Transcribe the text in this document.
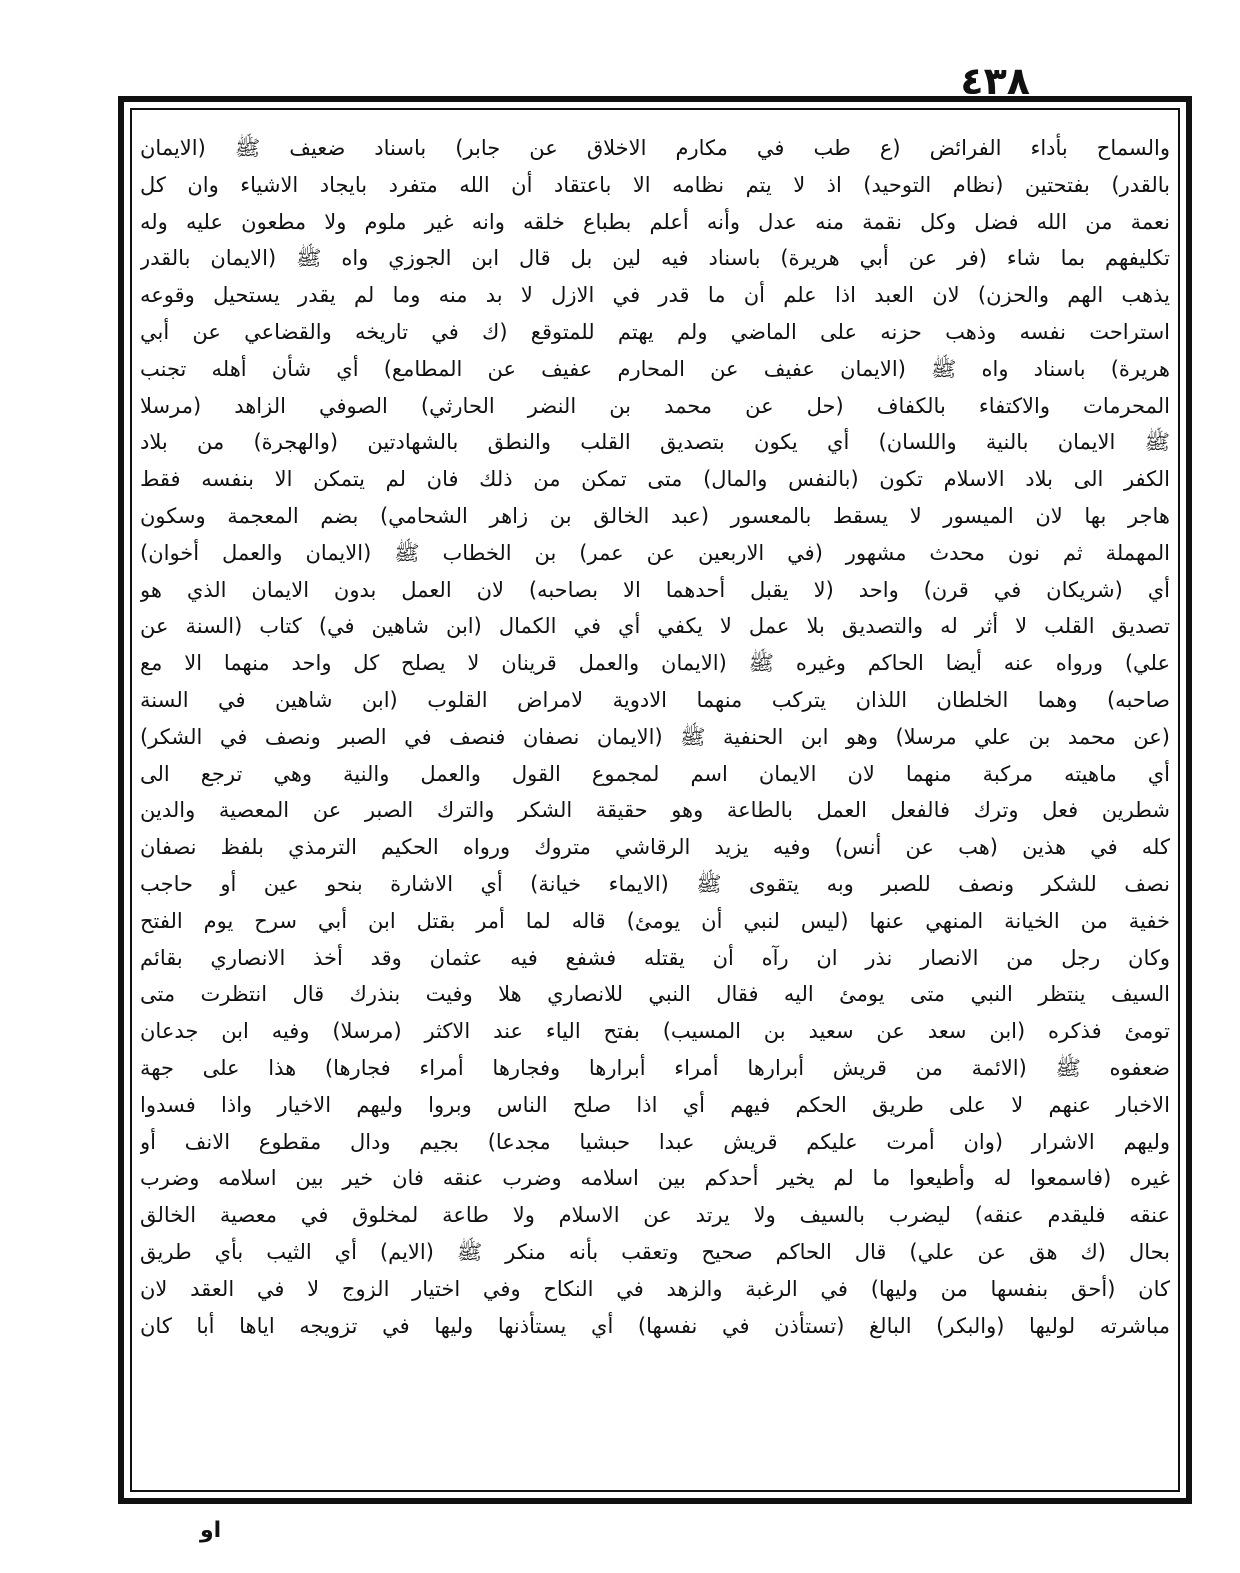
٤٣٨
والسماح بأداء الفرائض (ع طب في مكارم الاخلاق عن جابر) باسناد ضعيف ﷺ (الايمان
بالقدر) بفتحتين (نظام التوحيد) اذ لا يتم نظامه الا باعتقاد أن الله متفرد بايجاد الاشياء وان كل
نعمة من الله فضل وكل نقمة منه عدل وأنه أعلم بطباع خلقه وانه غير ملوم ولا مطعون عليه وله
تكليفهم بما شاء (فر عن أبي هريرة) باسناد فيه لين بل قال ابن الجوزي واه ﷺ (الايمان بالقدر
يذهب الهم والحزن) لان العبد اذا علم أن ما قدر في الازل لا بد منه وما لم يقدر يستحيل وقوعه
استراحت نفسه وذهب حزنه على الماضي ولم يهتم للمتوقع (ك في تاريخه والقضاعي عن أبي
هريرة) باسناد واه ﷺ (الايمان عفيف عن المحارم عفيف عن المطامع) أي شأن أهله تجنب
المحرمات والاكتفاء بالكفاف (حل عن محمد بن النضر الحارثي) الصوفي الزاهد (مرسلا
ﷺ الايمان بالنية واللسان) أي يكون بتصديق القلب والنطق بالشهادتين (والهجرة) من بلاد
الكفر الى بلاد الاسلام تكون (بالنفس والمال) متى تمكن من ذلك فان لم يتمكن الا بنفسه فقط
هاجر بها لان الميسور لا يسقط بالمعسور (عبد الخالق بن زاهر الشحامي) بضم المعجمة وسكون
المهملة ثم نون محدث مشهور (في الاربعين عن عمر) بن الخطاب ﷺ (الايمان والعمل أخوان)
أي (شريكان في قرن) واحد (لا يقبل أحدهما الا بصاحبه) لان العمل بدون الايمان الذي هو
تصديق القلب لا أثر له والتصديق بلا عمل لا يكفي أي في الكمال (ابن شاهين في) كتاب (السنة عن
علي) ورواه عنه أيضا الحاكم وغيره ﷺ (الايمان والعمل قرينان لا يصلح كل واحد منهما الا مع
صاحبه) وهما الخلطان اللذان يتركب منهما الادوية لامراض القلوب (ابن شاهين في السنة
(عن محمد بن علي مرسلا) وهو ابن الحنفية ﷺ (الايمان نصفان فنصف في الصبر ونصف في الشكر)
أي ماهيته مركبة منهما لان الايمان اسم لمجموع القول والعمل والنية وهي ترجع الى
شطرين فعل وترك فالفعل العمل بالطاعة وهو حقيقة الشكر والترك الصبر عن المعصية والدين
كله في هذين (هب عن أنس) وفيه يزيد الرقاشي متروك ورواه الحكيم الترمذي بلفظ نصفان
نصف للشكر ونصف للصبر وبه يتقوى ﷺ (الايماء خيانة) أي الاشارة بنحو عين أو حاجب
خفية من الخيانة المنهي عنها (ليس لنبي أن يومئ) قاله لما أمر بقتل ابن أبي سرح يوم الفتح
وكان رجل من الانصار نذر ان رآه أن يقتله فشفع فيه عثمان وقد أخذ الانصاري بقائم
السيف ينتظر النبي متى يومئ اليه فقال النبي للانصاري هلا وفيت بنذرك قال انتظرت متى
تومئ فذكره (ابن سعد عن سعيد بن المسيب) بفتح الياء عند الاكثر (مرسلا) وفيه ابن جدعان
ضعفوه ﷺ (الائمة من قريش أبرارها أمراء أبرارها وفجارها أمراء فجارها) هذا على جهة
الاخبار عنهم لا على طريق الحكم فيهم أي اذا صلح الناس وبروا وليهم الاخيار واذا فسدوا
وليهم الاشرار (وان أمرت عليكم قريش عبدا حبشيا مجدعا) بجيم ودال مقطوع الانف أو
غيره (فاسمعوا له وأطيعوا ما لم يخير أحدكم بين اسلامه وضرب عنقه فان خير بين اسلامه وضرب
عنقه فليقدم عنقه) ليضرب بالسيف ولا يرتد عن الاسلام ولا طاعة لمخلوق في معصية الخالق
بحال (ك هق عن علي) قال الحاكم صحيح وتعقب بأنه منكر ﷺ (الايم) أي الثيب بأي طريق
كان (أحق بنفسها من وليها) في الرغبة والزهد في النكاح وفي اختيار الزوج لا في العقد لان
مباشرته لوليها (والبكر) البالغ (تستأذن في نفسها) أي يستأذنها وليها في تزويجه اياها أبا كان
او
